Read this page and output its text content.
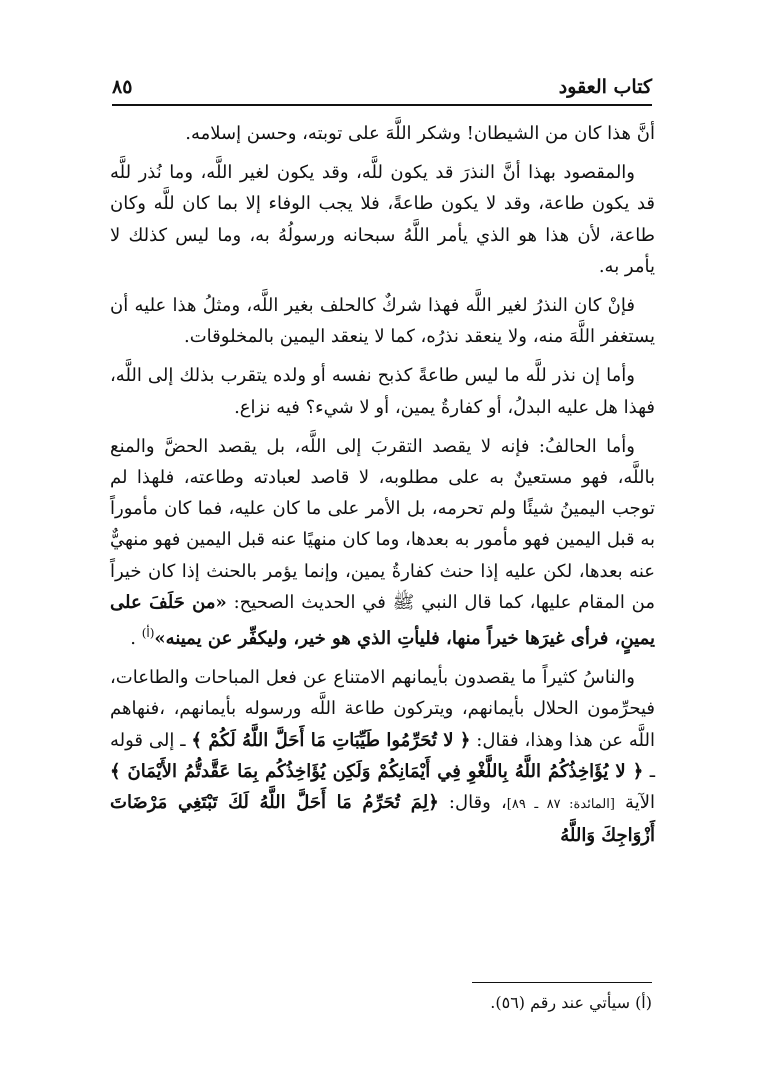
كتاب العقود
٨٥

أنَّ هذا كان من الشيطان! وشكر اللَّهَ على توبته، وحسن إسلامه.

والمقصود بهذا أنَّ النذرَ قد يكون للَّه، وقد يكون لغير اللَّه، وما نُذر للَّه قد يكون طاعة، وقد لا يكون طاعةً، فلا يجب الوفاء إلا بما كان للَّه وكان طاعة، لأن هذا هو الذي يأمر اللَّهُ سبحانه ورسولُهُ به، وما ليس كذلك لا يأمر به.

فإنْ كان النذرُ لغير اللَّه فهذا شركٌ كالحلف بغير اللَّه، ومثلُ هذا عليه أن يستغفر اللَّهَ منه، ولا ينعقد نذرُه، كما لا ينعقد اليمين بالمخلوقات.

وأما إن نذر للَّه ما ليس طاعةً كذبح نفسه أو ولده يتقرب بذلك إلى اللَّه، فهذا هل عليه البدلُ، أو كفارةُ يمين، أو لا شيء؟ فيه نزاع.

وأما الحالفُ: فإنه لا يقصد التقربَ إلى اللَّه، بل يقصد الحضَّ والمنع باللَّه، فهو مستعينٌ به على مطلوبه، لا قاصد لعبادته وطاعته، فلهذا لم توجب اليمينُ شيئًا ولم تحرمه، بل الأمر على ما كان عليه، فما كان مأموراً به قبل اليمين فهو مأمور به بعدها، وما كان منهيًا عنه قبل اليمين فهو منهيٌّ عنه بعدها، لكن عليه إذا حنث كفارةُ يمين، وإنما يؤمر بالحنث إذا كان خيراً من المقام عليها، كما قال النبي ﷺ في الحديث الصحيح: «من حَلَفَ على يمينٍ، فرأى غيرَها خيراً منها، فليأتِ الذي هو خير، وليكفِّر عن يمينه»$^{(أ)}$ .

والناسُ كثيراً ما يقصدون بأيمانهم الامتناع عن فعل المباحات والطاعات، فيحرِّمون الحلال بأيمانهم، ويتركون طاعة اللَّه ورسوله بأيمانهم، ،فنهاهم اللَّه عن هذا وهذا، فقال: ﴿ لا تُحَرِّمُوا طَيِّبَاتِ مَا أَحَلَّ اللَّهُ لَكُمْ ﴾ ـ إلى قوله ـ ﴿ لا يُؤَاخِذُكُمُ اللَّهُ بِاللَّغْوِ فِي أَيْمَانِكُمْ وَلَكِن يُؤَاخِذُكُم بِمَا عَقَّدتُّمُ الأَيْمَانَ ﴾ الآية [المائدة: ٨٧ ـ ٨٩]، وقال: ﴿لِمَ تُحَرِّمُ مَا أَحَلَّ اللَّهُ لَكَ تَبْتَغِي مَرْضَاتَ أَزْوَاجِكَ وَاللَّهُ

(أ) سيأتي عند رقم (٥٦).
